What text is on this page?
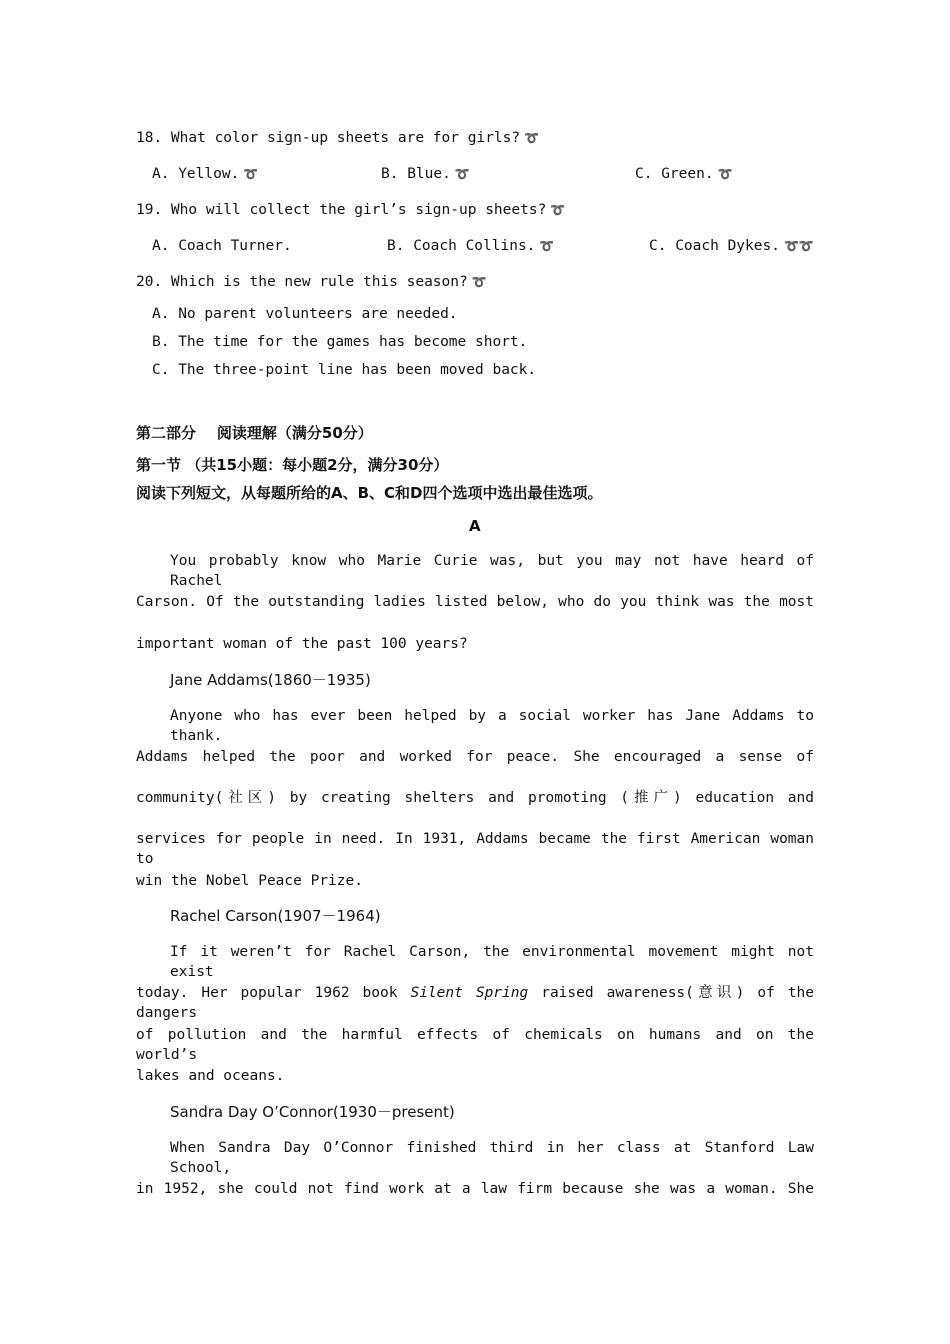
18. What color sign-up sheets are for girls? ➰
A. Yellow. ➰	B. Blue. ➰	C. Green. ➰
19. Who will collect the girl’s sign-up sheets? ➰
A. Coach Turner.	B. Coach Collins. ➰	C. Coach Dykes. ➰➰
20. Which is the new rule this season? ➰
A. No parent volunteers are needed.
B. The time for the games has become short.
C. The three-point line has been moved back.
第二部分    阅读理解（满分50分）
第一节 （共15小题：每小题2分，满分30分）
阅读下列短文，从每题所给的A、B、C和D四个选项中选出最佳选项。
A
You probably know who Marie Curie was, but you may not have heard of Rachel
Carson. Of the outstanding ladies listed below, who do you think was the most
important woman of the past 100 years?
Jane Addams(1860－1935)
Anyone who has ever been helped by a social worker has Jane Addams to thank.
Addams helped the poor and worked for peace. She encouraged a sense of
community(社区) by creating shelters and promoting (推广) education and
services for people in need. In 1931, Addams became the first American woman to
win the Nobel Peace Prize.
Rachel Carson(1907－1964)
If it weren’t for Rachel Carson, the environmental movement might not exist
today. Her popular 1962 book Silent Spring raised awareness(意识) of the dangers
of pollution and the harmful effects of chemicals on humans and on the world’s
lakes and oceans.
Sandra Day O’Connor(1930－present)
When Sandra Day O’Connor finished third in her class at Stanford Law School,
in 1952, she could not find work at a law firm because she was a woman. She
